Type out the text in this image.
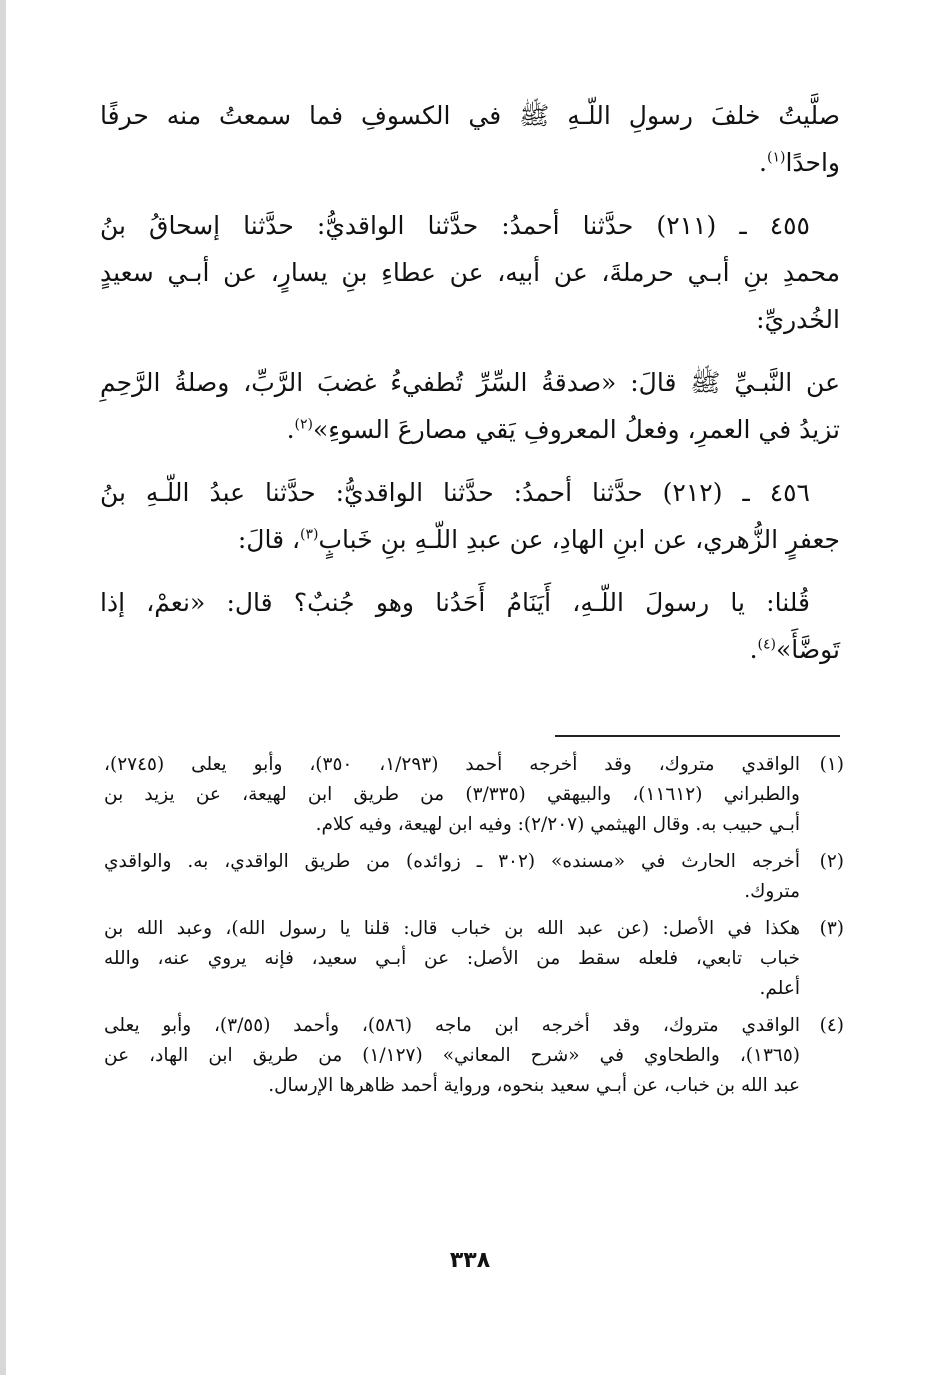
صلَّيتُ خلفَ رسولِ اللّـهِ ﷺ في الكسوفِ فما سمعتُ منه حرفًا
واحدًا$^{(١)}$.

٤٥٥ ـ (٢١١) حدَّثنا أحمدُ: حدَّثنا الواقديُّ: حدَّثنا إسحاقُ بنُ
محمدِ بنِ أبـي حرملةَ، عن أبيه، عن عطاءِ بنِ يسارٍ، عن أبـي سعيدٍ
الخُدريِّ:

عن النَّبـيِّ ﷺ قالَ: «صدقةُ السِّرِّ تُطفيءُ غضبَ الرَّبِّ، وصلةُ الرَّحِمِ
تزيدُ في العمرِ، وفعلُ المعروفِ يَقي مصارعَ السوءِ»$^{(٢)}$.

٤٥٦ ـ (٢١٢) حدَّثنا أحمدُ: حدَّثنا الواقديُّ: حدَّثنا عبدُ اللّـهِ بنُ
جعفرٍ الزُّهري، عن ابنِ الهادِ، عن عبدِ اللّـهِ بنِ خَبابٍ$^{(٣)}$، قالَ:

قُلنا: يا رسولَ اللّـهِ، أَيَنَامُ أَحَدُنا وهو جُنبٌ؟ قال: «نعمْ، إذا
تَوضَّأَ»$^{(٤)}$.

(١)
الواقدي متروك، وقد أخرجه أحمد (١/٢٩٣، ٣٥٠)، وأبو يعلى (٢٧٤٥)،
والطبراني (١١٦١٢)، والبيهقي (٣/٣٣٥) من طريق ابن لهيعة، عن يزيد بن
أبـي حبيب به. وقال الهيثمي (٢/٢٠٧): وفيه ابن لهيعة، وفيه كلام.
(٢)
أخرجه الحارث في «مسنده» (٣٠٢ ـ زوائده) من طريق الواقدي، به. والواقدي
متروك.
(٣)
هكذا في الأصل: (عن عبد الله بن خباب قال: قلنا يا رسول الله)، وعبد الله بن
خباب تابعي، فلعله سقط من الأصل: عن أبـي سعيد، فإنه يروي عنه، والله
أعلم.
(٤)
الواقدي متروك، وقد أخرجه ابن ماجه (٥٨٦)، وأحمد (٣/٥٥)، وأبو يعلى
(١٣٦٥)، والطحاوي في «شرح المعاني» (١/١٢٧) من طريق ابن الهاد، عن
عبد الله بن خباب، عن أبـي سعيد بنحوه، ورواية أحمد ظاهرها الإرسال.
٣٣٨
